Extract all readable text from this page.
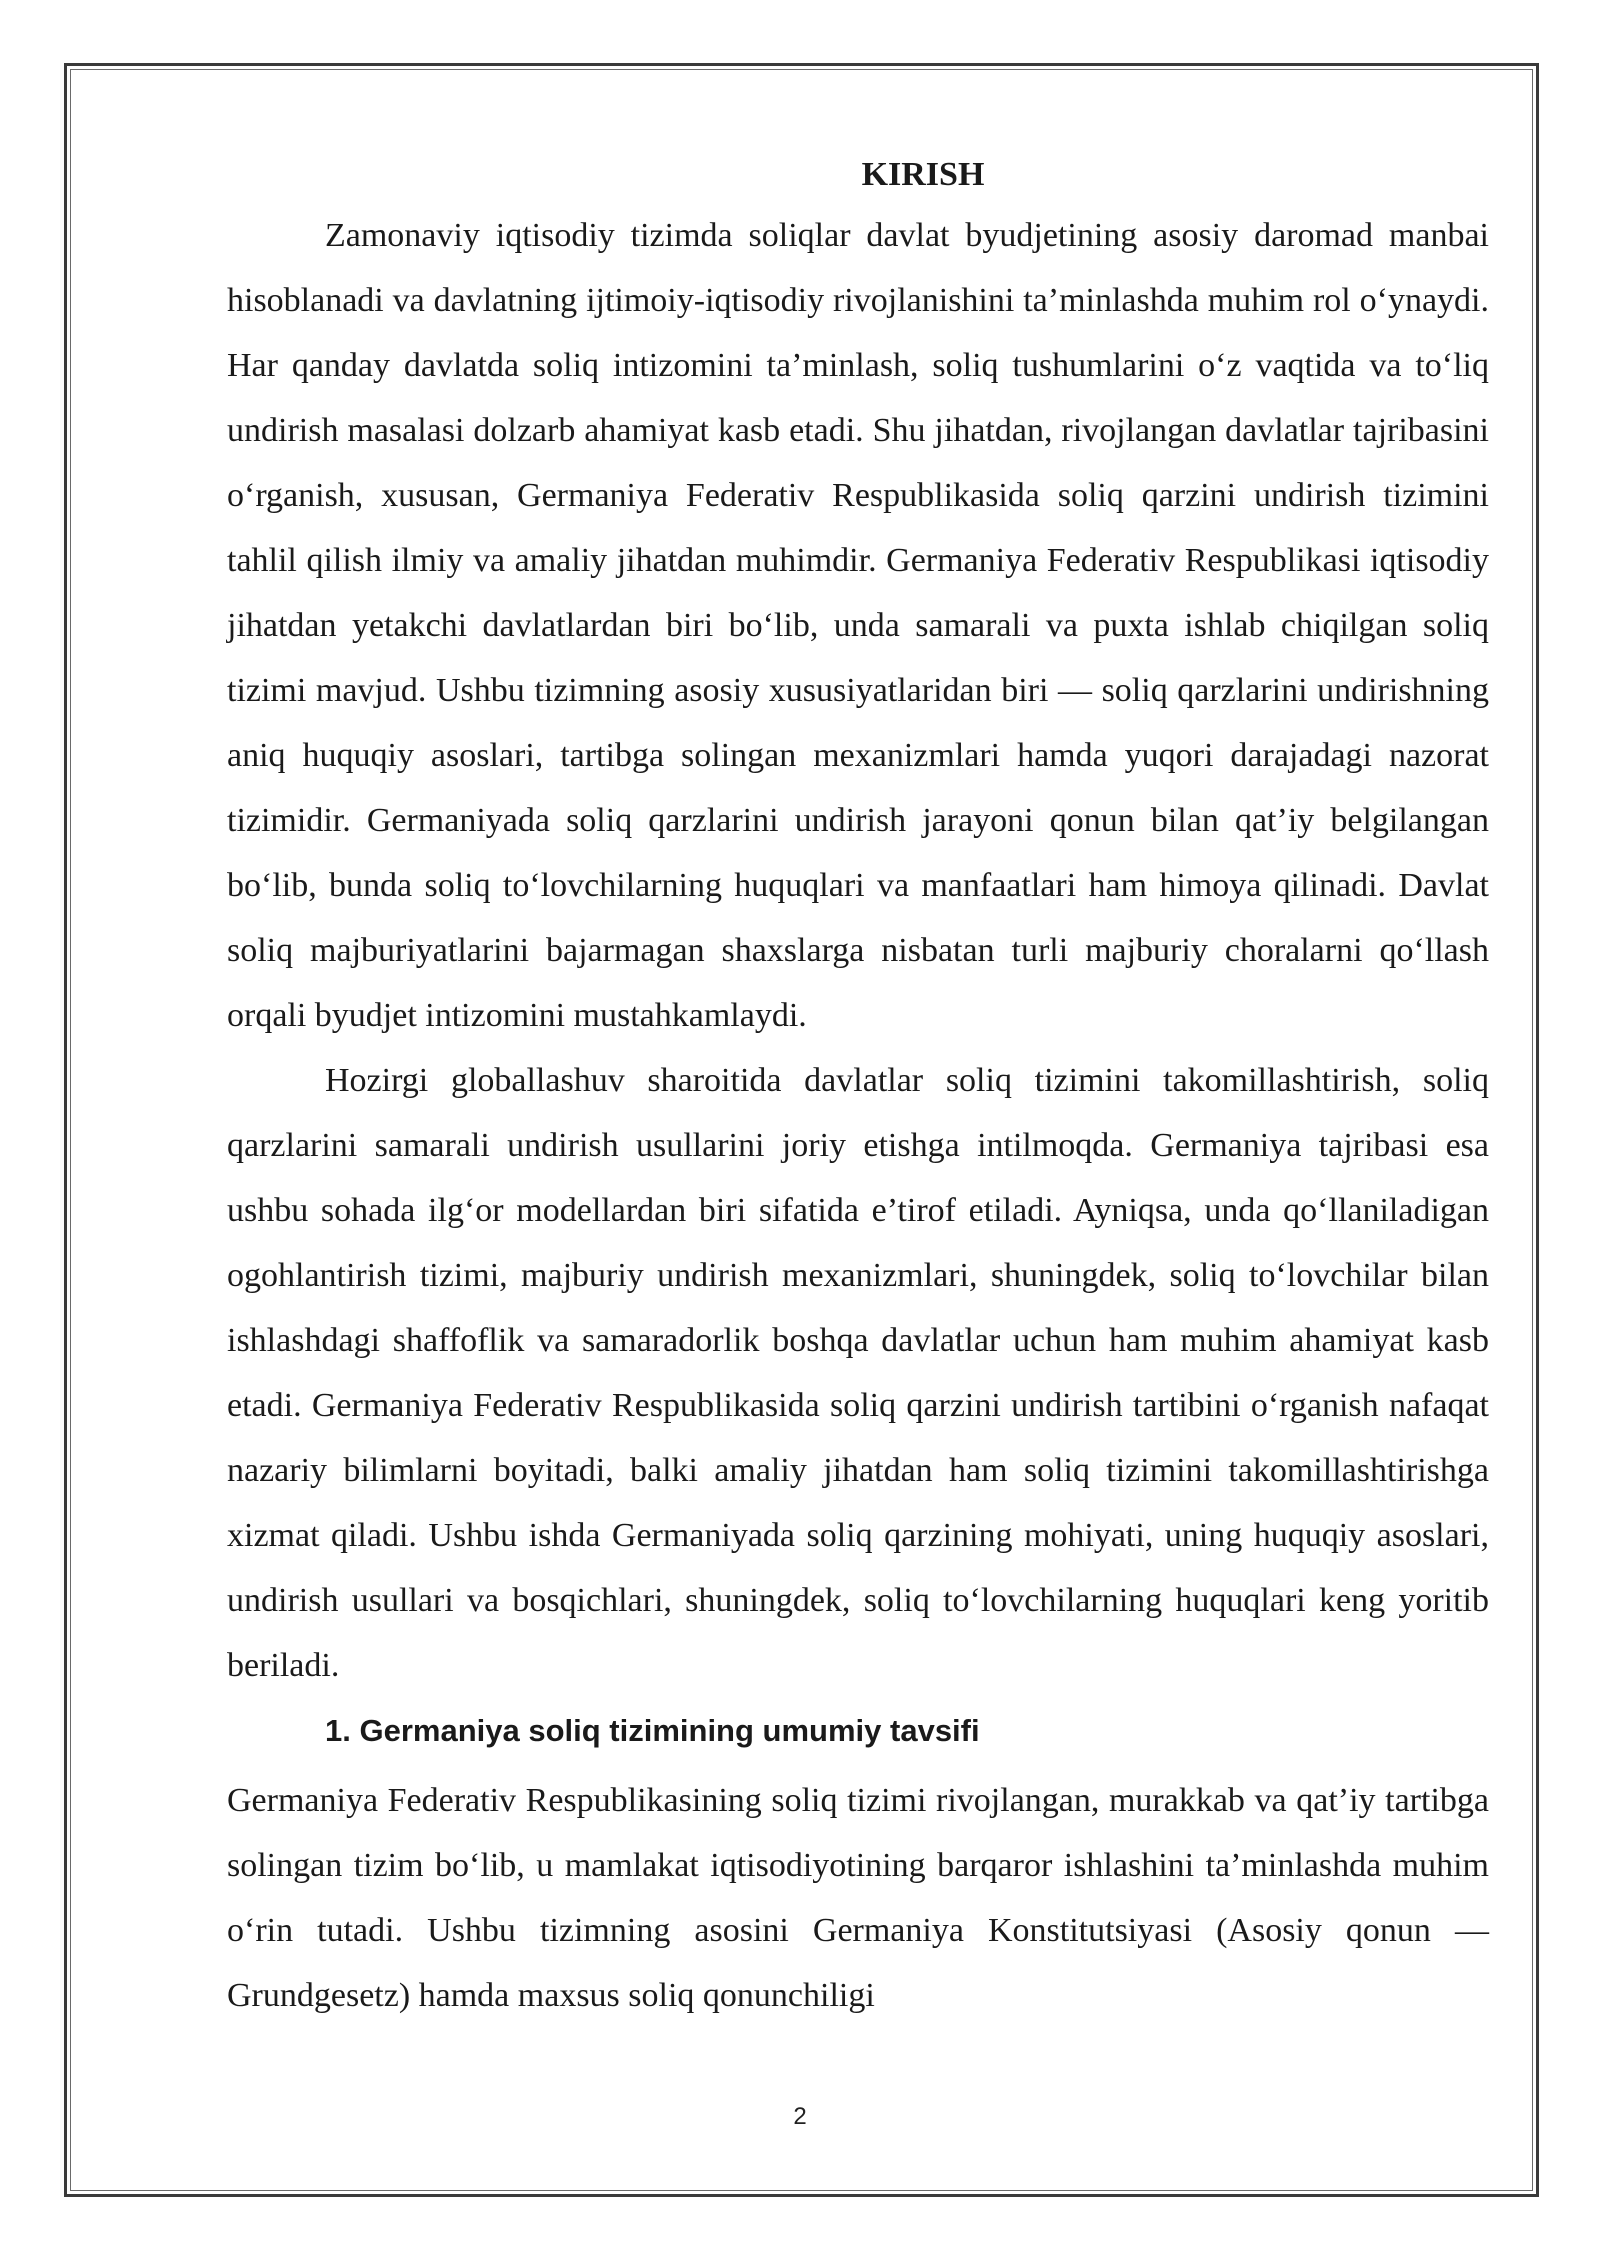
KIRISH

Zamonaviy iqtisodiy tizimda soliqlar davlat byudjetining asosiy daromad manbai hisoblanadi va davlatning ijtimoiy-iqtisodiy rivojlanishini ta’minlashda muhim rol o‘ynaydi. Har qanday davlatda soliq intizomini ta’minlash, soliq tushumlarini o‘z vaqtida va to‘liq undirish masalasi dolzarb ahamiyat kasb etadi. Shu jihatdan, rivojlangan davlatlar tajribasini o‘rganish, xususan, Germaniya Federativ Respublikasida soliq qarzini undirish tizimini tahlil qilish ilmiy va amaliy jihatdan muhimdir. Germaniya Federativ Respublikasi iqtisodiy jihatdan yetakchi davlatlardan biri bo‘lib, unda samarali va puxta ishlab chiqilgan soliq tizimi mavjud. Ushbu tizimning asosiy xususiyatlaridan biri — soliq qarzlarini undirishning aniq huquqiy asoslari, tartibga solingan mexanizmlari hamda yuqori darajadagi nazorat tizimidir. Germaniyada soliq qarzlarini undirish jarayoni qonun bilan qat’iy belgilangan bo‘lib, bunda soliq to‘lovchilarning huquqlari va manfaatlari ham himoya qilinadi. Davlat soliq majburiyatlarini bajarmagan shaxslarga nisbatan turli majburiy choralarni qo‘llash orqali byudjet intizomini mustahkamlaydi.

Hozirgi globallashuv sharoitida davlatlar soliq tizimini takomillashtirish, soliq qarzlarini samarali undirish usullarini joriy etishga intilmoqda. Germaniya tajribasi esa ushbu sohada ilg‘or modellardan biri sifatida e’tirof etiladi. Ayniqsa, unda qo‘llaniladigan ogohlantirish tizimi, majburiy undirish mexanizmlari, shuningdek, soliq to‘lovchilar bilan ishlashdagi shaffoflik va samaradorlik boshqa davlatlar uchun ham muhim ahamiyat kasb etadi. Germaniya Federativ Respublikasida soliq qarzini undirish tartibini o‘rganish nafaqat nazariy bilimlarni boyitadi, balki amaliy jihatdan ham soliq tizimini takomillashtirishga xizmat qiladi. Ushbu ishda Germaniyada soliq qarzining mohiyati, uning huquqiy asoslari, undirish usullari va bosqichlari, shuningdek, soliq to‘lovchilarning huquqlari keng yoritib beriladi.

1. Germaniya soliq tizimining umumiy tavsifi

Germaniya Federativ Respublikasining soliq tizimi rivojlangan, murakkab va qat’iy tartibga solingan tizim bo‘lib, u mamlakat iqtisodiyotining barqaror ishlashini ta’minlashda muhim o‘rin tutadi. Ushbu tizimning asosini Germaniya Konstitutsiyasi (Asosiy qonun — Grundgesetz) hamda maxsus soliq qonunchiligi

2
